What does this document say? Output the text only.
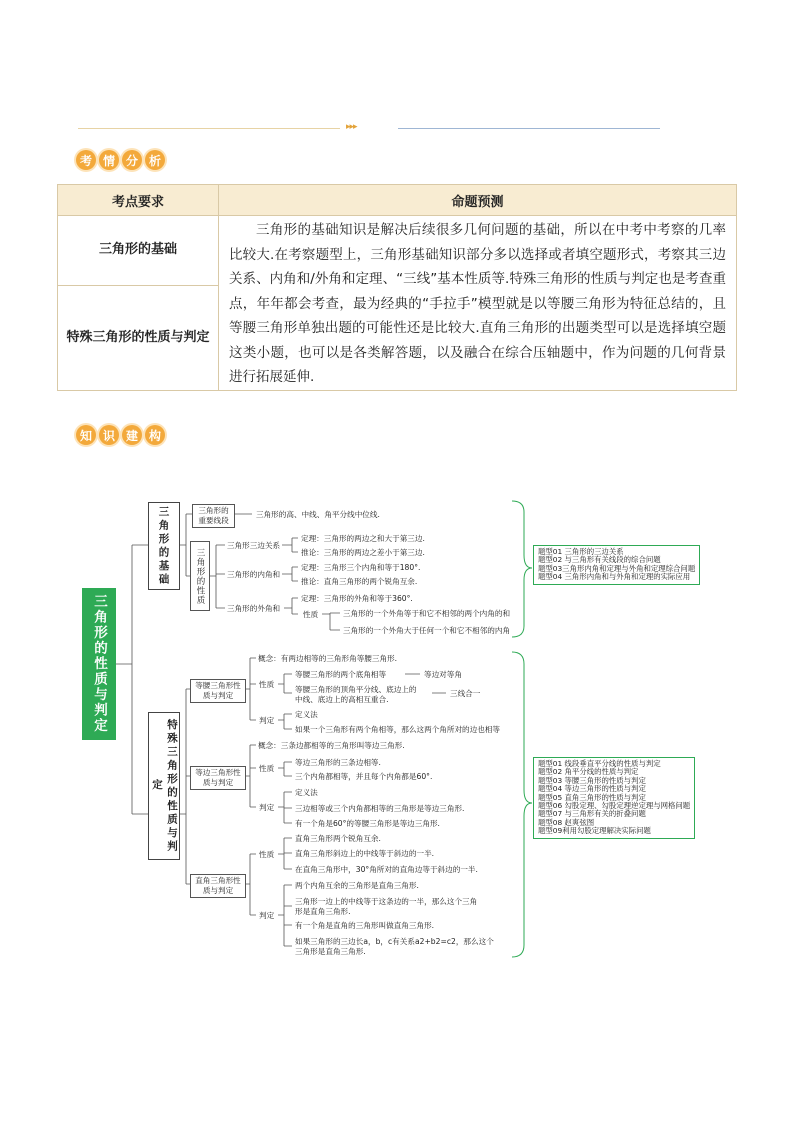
▸▸▸
考 情 分 析
考点要求	命题预测
三角形的基础	三角形的基础知识是解决后续很多几何问题的基础，所以在中考中考察的几率比较大.在考察题型上，三角形基础知识部分多以选择或者填空题形式，考察其三边关系、内角和/外角和定理、“三线”基本性质等.特殊三角形的性质与判定也是考查重点，年年都会考查，最为经典的“手拉手”模型就是以等腰三角形为特征总结的，且等腰三角形单独出题的可能性还是比较大.直角三角形的出题类型可以是选择填空题这类小题，也可以是各类解答题，以及融合在综合压轴题中，作为问题的几何背景进行拓展延伸.
特殊三角形的性质与判定	
知 识 建 构
三角形的性质与判定
三角形的基础	三角形的重要线段
三角形的高、中线、角平分线中位线.
三角形的性质
三角形三边关系
定理：三角形的两边之和大于第三边.
推论：三角形的两边之差小于第三边.
三角形的内角和
定理：三角形三个内角和等于180°.
推论：直角三角形的两个锐角互余.
三角形的外角和
定理：三角形的外角和等于360°.
性质	三角形的一个外角等于和它不相邻的两个内角的和
三角形的一个外角大于任何一个和它不相邻的内角
题型01 三角形的三边关系
题型02 与三角形有关线段的综合问题
题型03三角形内角和定理与外角和定理综合问题
题型04 三角形内角和与外角和定理的实际应用
特殊三角形的性质与判定
等腰三角形性质与判定
概念：有两边相等的三角形角等腰三角形.
性质
等腰三角形的两个底角相等	等边对等角
等腰三角形的顶角平分线、底边上的
中线、底边上的高相互重合.
三线合一
判定
定义法
如果一个三角形有两个角相等，那么这两个角所对的边也相等
等边三角形性质与判定
概念：三条边都相等的三角形叫等边三角形.
性质
等边三角形的三条边相等.
三个内角都相等，并且每个内角都是60°.
判定
定义法
三边相等或三个内角都相等的三角形是等边三角形.
有一个角是60°的等腰三角形是等边三角形.
直角三角形性质与判定
性质
直角三角形两个锐角互余.
直角三角形斜边上的中线等于斜边的一半.
在直角三角形中，30°角所对的直角边等于斜边的一半.
判定
两个内角互余的三角形是直角三角形.
三角形一边上的中线等于这条边的一半，那么这个三角
形是直角三角形.
有一个角是直角的三角形叫做直角三角形.
如果三角形的三边长a，b，c有关系a2+b2=c2，那么这个
三角形是直角三角形.
题型01 线段垂直平分线的性质与判定
题型02 角平分线的性质与判定
题型03 等腰三角形的性质与判定
题型04 等边三角形的性质与判定
题型05 直角三角形的性质与判定
题型06 勾股定理、勾股定理逆定理与网格问题
题型07 与三角形有关的折叠问题
题型08 赵爽弦图
题型09利用勾股定理解决实际问题
